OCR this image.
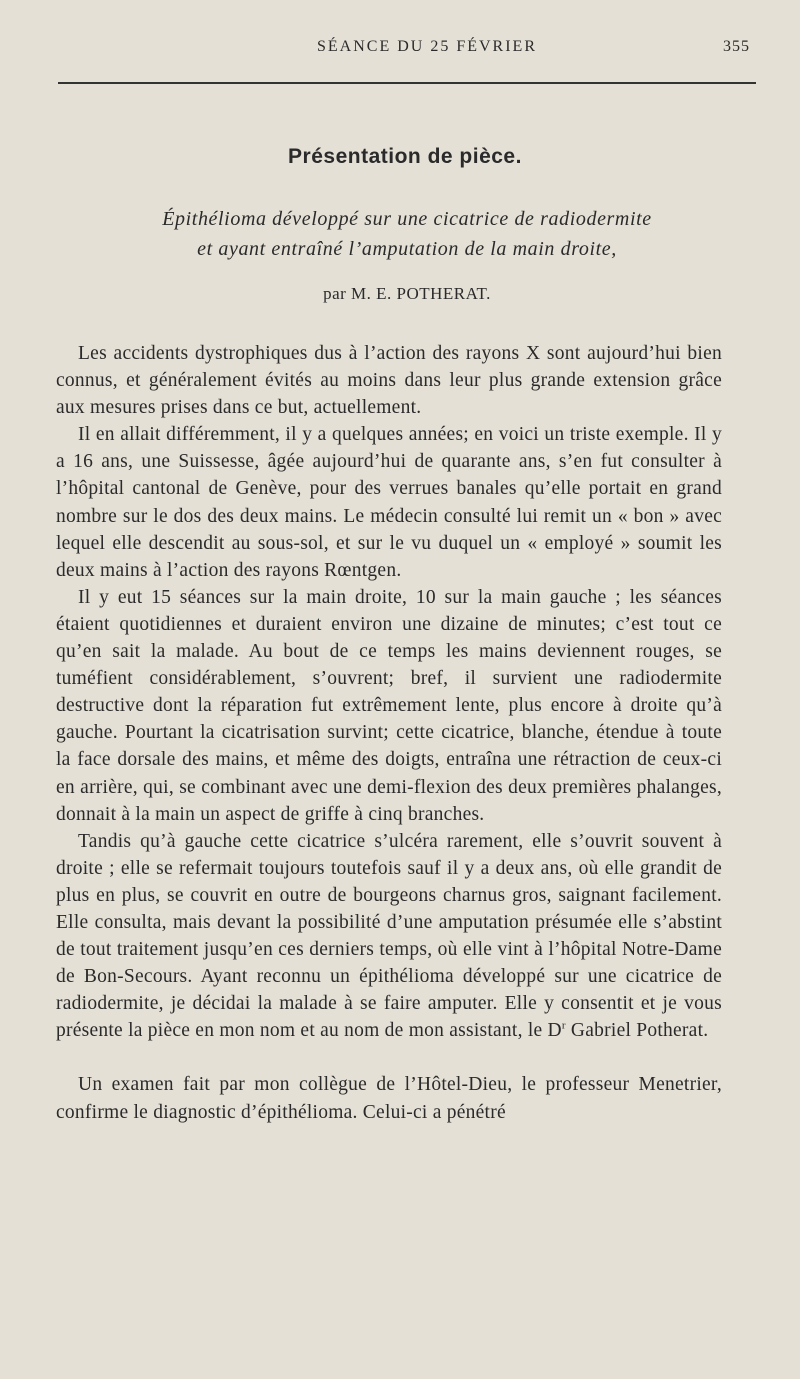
SÉANCE DU 25 FÉVRIER	355
Présentation de pièce.
Épithélioma développé sur une cicatrice de radiodermite
et ayant entraîné l’amputation de la main droite,
par M. E. POTHERAT.

Les accidents dystrophiques dus à l’action des rayons X sont aujourd’hui bien connus, et généralement évités au moins dans leur plus grande extension grâce aux mesures prises dans ce but, actuellement.

Il en allait différemment, il y a quelques années; en voici un triste exemple. Il y a 16 ans, une Suissesse, âgée aujourd’hui de quarante ans, s’en fut consulter à l’hôpital cantonal de Genève, pour des verrues banales qu’elle portait en grand nombre sur le dos des deux mains. Le médecin consulté lui remit un « bon » avec lequel elle descendit au sous-sol, et sur le vu duquel un « employé » soumit les deux mains à l’action des rayons Rœntgen.

Il y eut 15 séances sur la main droite, 10 sur la main gauche ; les séances étaient quotidiennes et duraient environ une dizaine de minutes; c’est tout ce qu’en sait la malade. Au bout de ce temps les mains deviennent rouges, se tuméfient considérablement, s’ouvrent; bref, il survient une radiodermite destructive dont la réparation fut extrêmement lente, plus encore à droite qu’à gauche. Pourtant la cicatrisation survint; cette cicatrice, blanche, étendue à toute la face dorsale des mains, et même des doigts, entraîna une rétraction de ceux-ci en arrière, qui, se combinant avec une demi-flexion des deux premières phalanges, donnait à la main un aspect de griffe à cinq branches.

Tandis qu’à gauche cette cicatrice s’ulcéra rarement, elle s’ouvrit souvent à droite ; elle se refermait toujours toutefois sauf il y a deux ans, où elle grandit de plus en plus, se couvrit en outre de bourgeons charnus gros, saignant facilement. Elle consulta, mais devant la possibilité d’une amputation présumée elle s’abstint de tout traitement jusqu’en ces derniers temps, où elle vint à l’hôpital Notre-Dame de Bon-Secours. Ayant reconnu un épithélioma développé sur une cicatrice de radiodermite, je décidai la malade à se faire amputer. Elle y consentit et je vous présente la pièce en mon nom et au nom de mon assistant, le $D^r$ Gabriel Potherat.

Un examen fait par mon collègue de l’Hôtel-Dieu, le professeur Menetrier, confirme le diagnostic d’épithélioma. Celui-ci a pénétré
